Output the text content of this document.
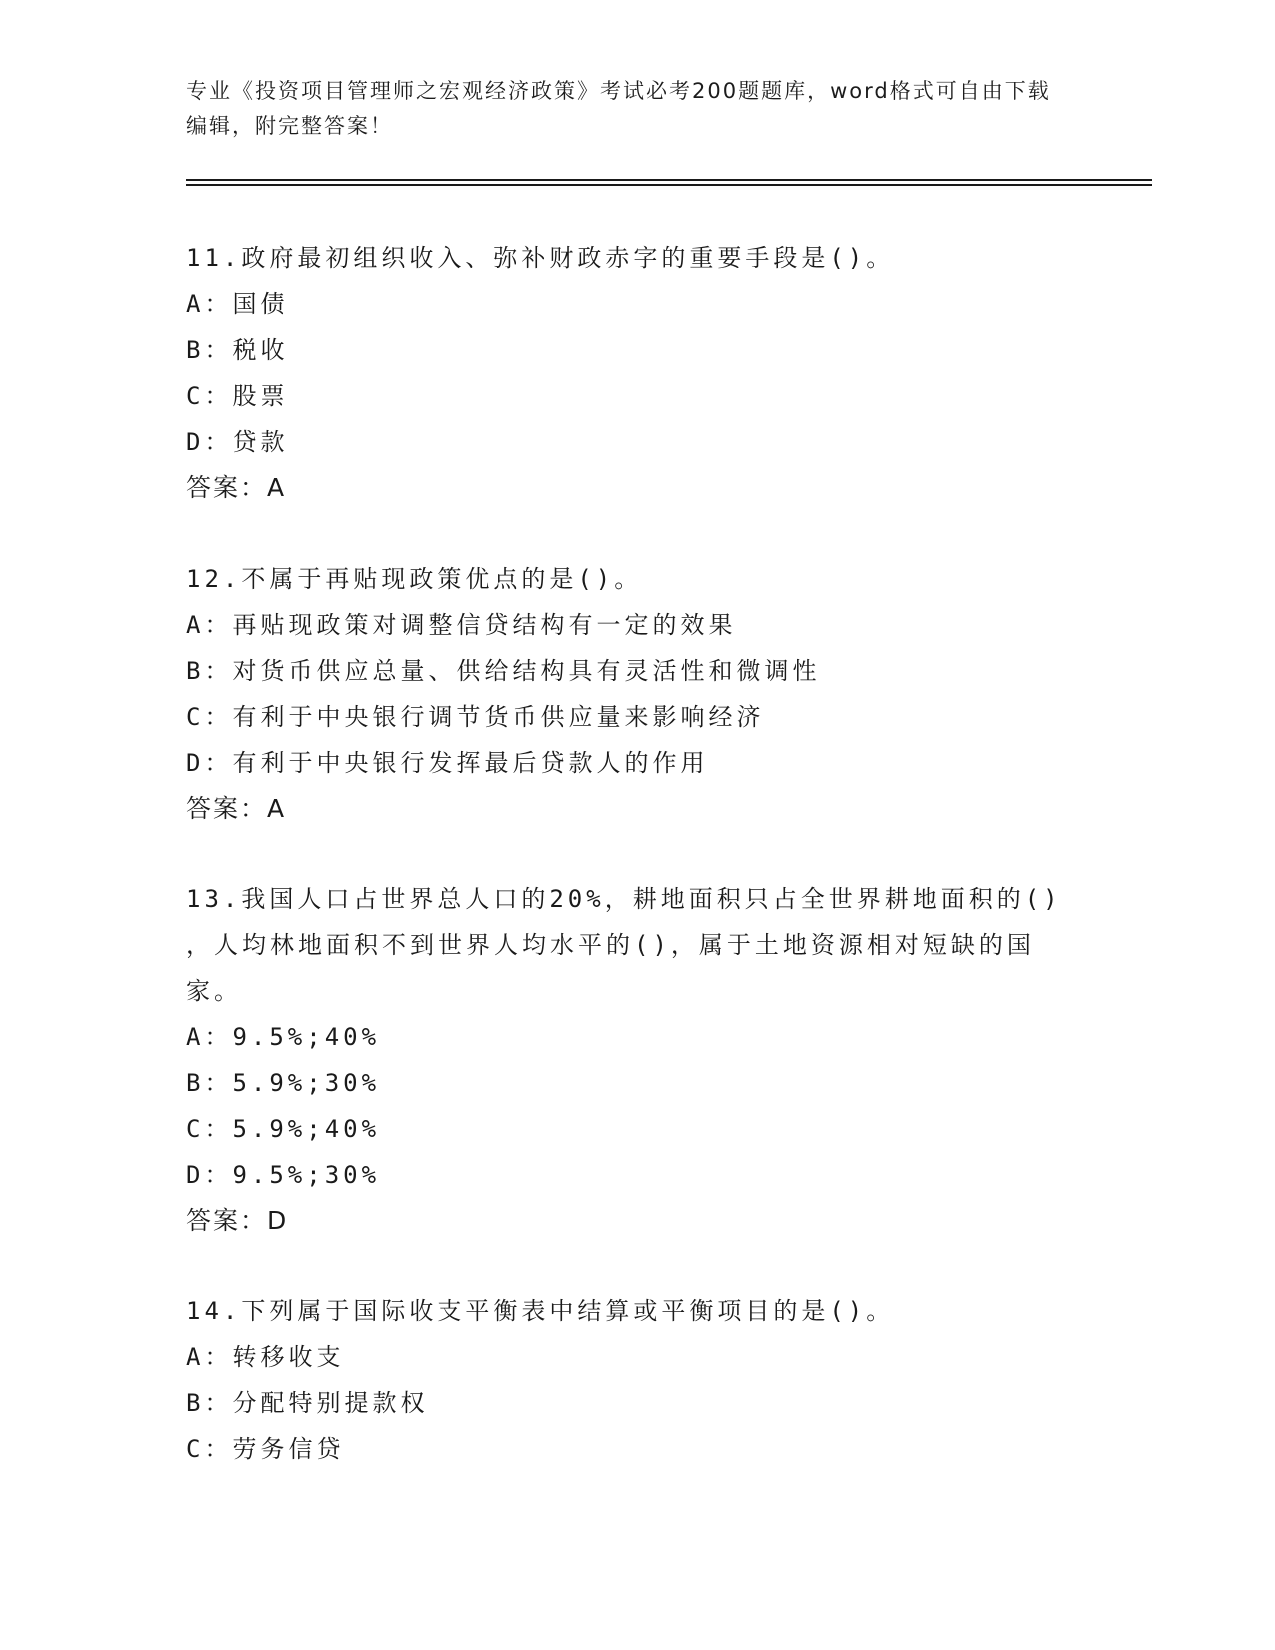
专业《投资项目管理师之宏观经济政策》考试必考200题题库，word格式可自由下载编辑，附完整答案！
11.政府最初组织收入、弥补财政赤字的重要手段是()。
A：国债
B：税收
C：股票
D：贷款
答案：A
12.不属于再贴现政策优点的是()。
A：再贴现政策对调整信贷结构有一定的效果
B：对货币供应总量、供给结构具有灵活性和微调性
C：有利于中央银行调节货币供应量来影响经济
D：有利于中央银行发挥最后贷款人的作用
答案：A
13.我国人口占世界总人口的20%，耕地面积只占全世界耕地面积的()
，人均林地面积不到世界人均水平的()，属于土地资源相对短缺的国
家。
A：9.5%;40%
B：5.9%;30%
C：5.9%;40%
D：9.5%;30%
答案：D
14.下列属于国际收支平衡表中结算或平衡项目的是()。
A：转移收支
B：分配特别提款权
C：劳务信贷
